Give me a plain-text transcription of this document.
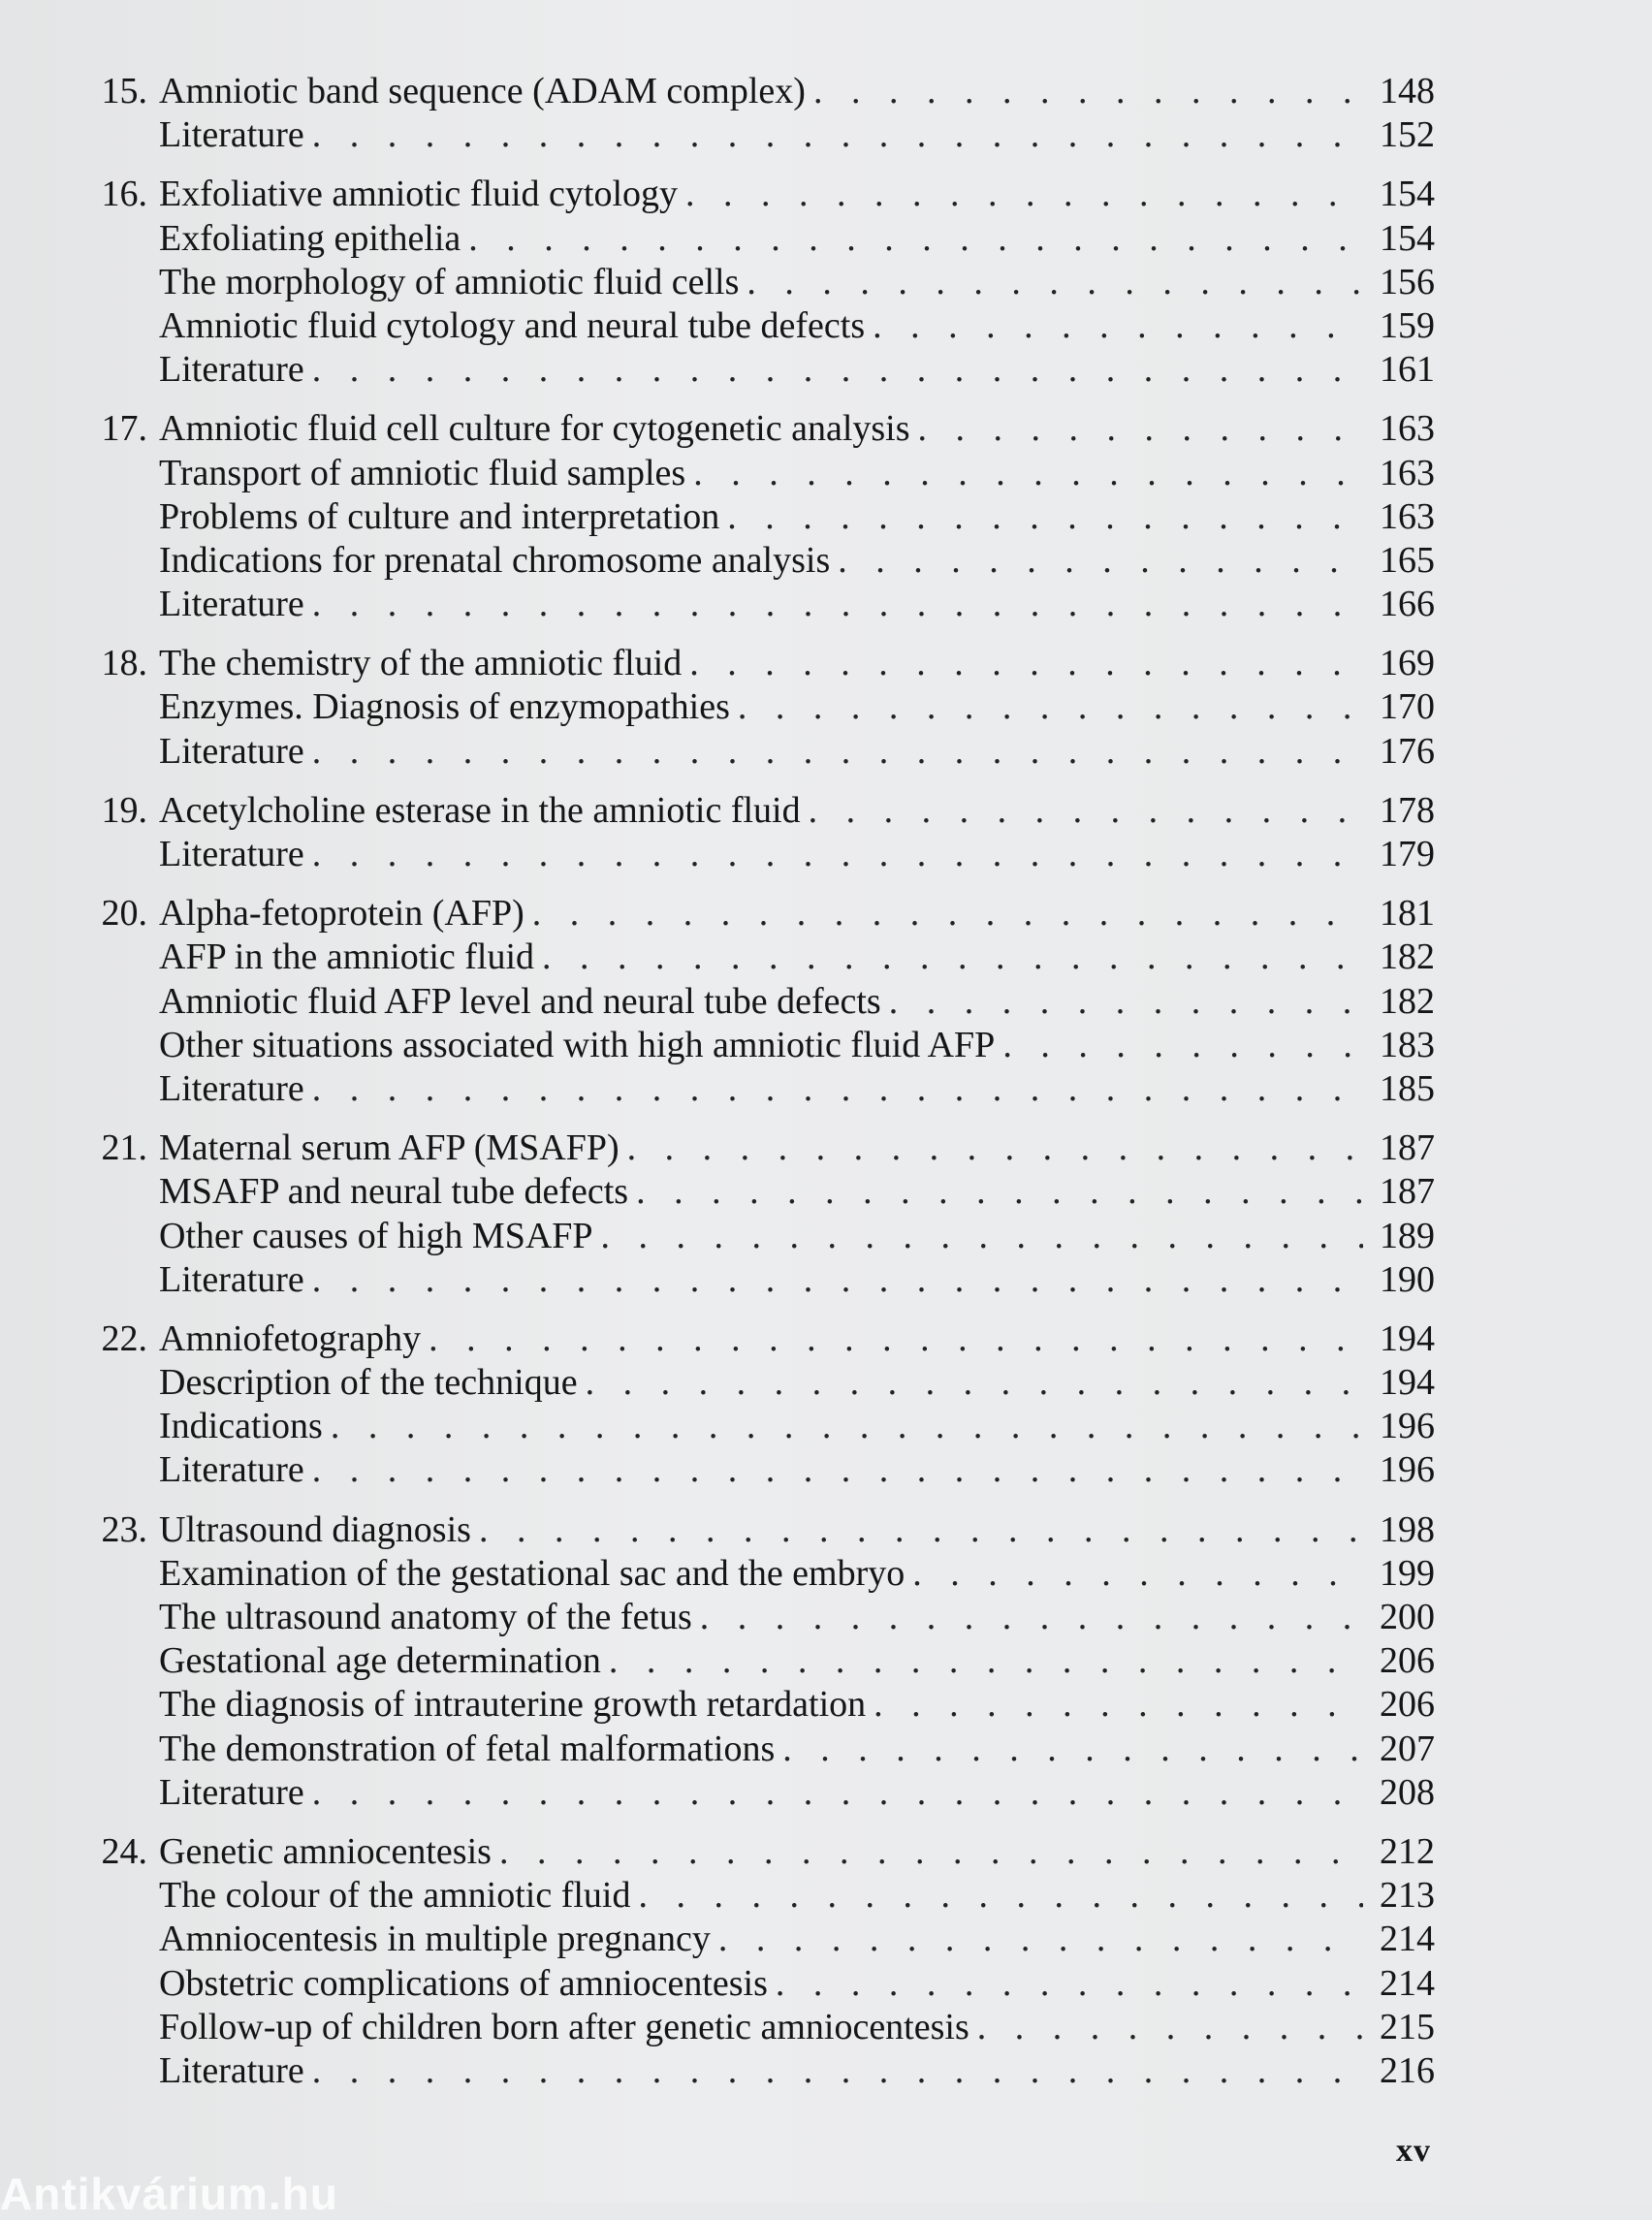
15. Amniotic band sequence (ADAM complex) . . .	148
Literature . . .	152
16. Exfoliative amniotic fluid cytology . . .	154
Exfoliating epithelia . . .	154
The morphology of amniotic fluid cells . . .	156
Amniotic fluid cytology and neural tube defects . . .	159
Literature . . .	161
17. Amniotic fluid cell culture for cytogenetic analysis . . .	163
Transport of amniotic fluid samples . . .	163
Problems of culture and interpretation . . .	163
Indications for prenatal chromosome analysis . . .	165
Literature . . .	166
18. The chemistry of the amniotic fluid . . .	169
Enzymes. Diagnosis of enzymopathies . . .	170
Literature . . .	176
19. Acetylcholine esterase in the amniotic fluid . . .	178
Literature . . .	179
20. Alpha-fetoprotein (AFP) . . .	181
AFP in the amniotic fluid . . .	182
Amniotic fluid AFP level and neural tube defects . . .	182
Other situations associated with high amniotic fluid AFP . . .	183
Literature . . .	185
21. Maternal serum AFP (MSAFP) . . .	187
MSAFP and neural tube defects . . .	187
Other causes of high MSAFP . . .	189
Literature . . .	190
22. Amniofetography . . .	194
Description of the technique . . .	194
Indications . . .	196
Literature . . .	196
23. Ultrasound diagnosis . . .	198
Examination of the gestational sac and the embryo . . .	199
The ultrasound anatomy of the fetus . . .	200
Gestational age determination . . .	206
The diagnosis of intrauterine growth retardation . . .	206
The demonstration of fetal malformations . . .	207
Literature . . .	208
24. Genetic amniocentesis . . .	212
The colour of the amniotic fluid . . .	213
Amniocentesis in multiple pregnancy . . .	214
Obstetric complications of amniocentesis . . .	214
Follow-up of children born after genetic amniocentesis . . .	215
Literature . . .	216
xv
Antikvárium.hu
